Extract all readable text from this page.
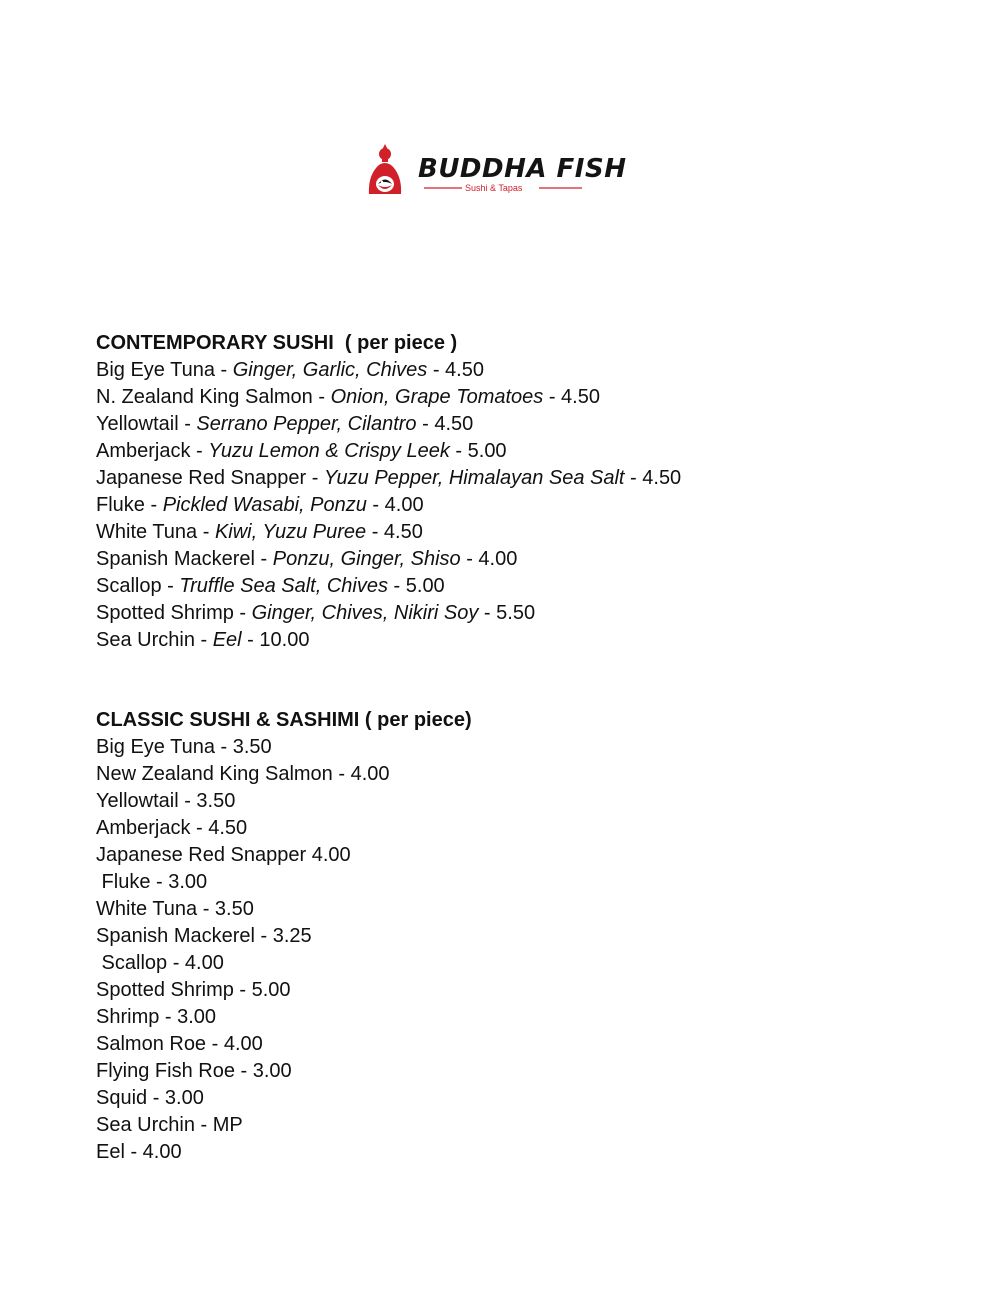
BUDDHA FISH
Sushi & Tapas
CONTEMPORARY SUSHI  ( per piece )
Big Eye Tuna - Ginger, Garlic, Chives - 4.50
N. Zealand King Salmon - Onion, Grape Tomatoes - 4.50
Yellowtail - Serrano Pepper, Cilantro - 4.50
Amberjack - Yuzu Lemon & Crispy Leek - 5.00
Japanese Red Snapper - Yuzu Pepper, Himalayan Sea Salt - 4.50
Fluke - Pickled Wasabi, Ponzu - 4.00
White Tuna - Kiwi, Yuzu Puree - 4.50
Spanish Mackerel - Ponzu, Ginger, Shiso - 4.00
Scallop - Truffle Sea Salt, Chives - 5.00
Spotted Shrimp - Ginger, Chives, Nikiri Soy - 5.50
Sea Urchin - Eel - 10.00
CLASSIC SUSHI & SASHIMI ( per piece)
Big Eye Tuna - 3.50
New Zealand King Salmon - 4.00
Yellowtail - 3.50
Amberjack - 4.50
Japanese Red Snapper 4.00
Fluke - 3.00
White Tuna - 3.50
Spanish Mackerel - 3.25
Scallop - 4.00
Spotted Shrimp - 5.00
Shrimp - 3.00
Salmon Roe - 4.00
Flying Fish Roe - 3.00
Squid - 3.00
Sea Urchin - MP
Eel - 4.00
